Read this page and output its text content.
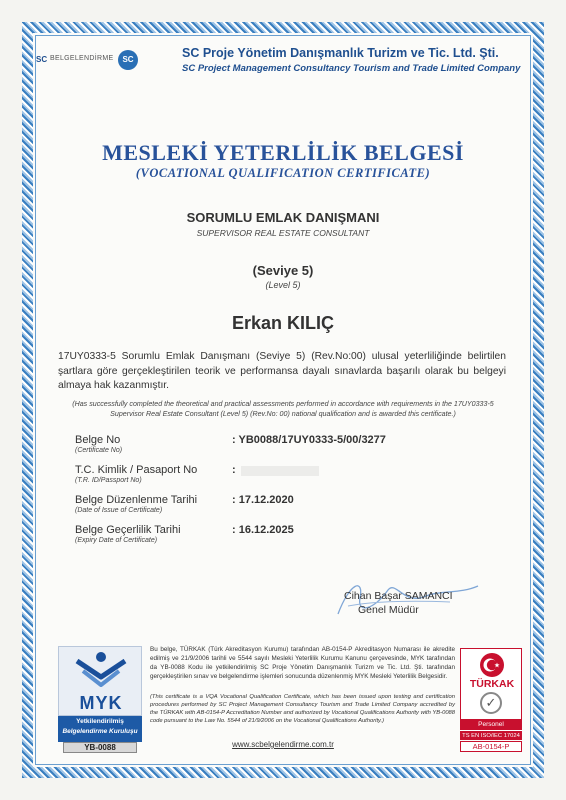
SC BELGELENDİRME	SC	SC Proje Yönetim Danışmanlık Turizm ve Tic. Ltd. Şti.
SC Project Management Consultancy Tourism and Trade Limited Company
MESLEKİ YETERLİLİK BELGESİ
(VOCATIONAL QUALIFICATION CERTIFICATE)
SORUMLU EMLAK DANIŞMANI
SUPERVISOR REAL ESTATE CONSULTANT
(Seviye 5)
(Level 5)
Erkan KILIÇ
17UY0333-5 Sorumlu Emlak Danışmanı (Seviye 5) (Rev.No:00) ulusal yeterliliğinde belirtilen şartlara göre gerçekleştirilen teorik ve performansa dayalı sınavlarda başarılı olarak bu belgeyi almaya hak kazanmıştır.
(Has successfully completed the theoretical and practical assessments performed in accordance with requirements in the 17UY0333-5 Supervisor Real Estate Consultant (Level 5) (Rev.No: 00) national qualification and is awarded this certificate.)
Belge No
(Certificate No)
: YB0088/17UY0333-5/00/3277
T.C. Kimlik / Pasaport No
(T.R. ID/Passport No)
:
Belge Düzenlenme Tarihi
(Date of Issue of Certificate)
: 17.12.2020
Belge Geçerlilik Tarihi
(Expiry Date of Certificate)
: 16.12.2025
Cihan Başar SAMANCI
Genel Müdür
MYK
Yetkilendirilmiş
Belgelendirme Kuruluşu
YB-0088
Bu belge, TÜRKAK (Türk Akreditasyon Kurumu) tarafından AB-0154-P Akreditasyon Numarası ile akredite edilmiş ve 21/9/2006 tarihli ve 5544 sayılı Mesleki Yeterlilik Kurumu Kanunu çerçevesinde, MYK tarafından da YB-0088 Kodu ile yetkilendirilmiş SC Proje Yönetim Danışmanlık Turizm ve Tic. Ltd. Şti. tarafından gerçekleştirilen sınav ve belgelendirme işlemleri sonucunda düzenlenmiş MYK Mesleki Yeterlilik Belgesidir.
(This certificate is a VQA Vocational Qualification Certificate, which has been issued upon testing and certification procedures performed by SC Project Management Consultancy Tourism and Trade Limited Company accredited by the TÜRKAK with AB-0154-P Accreditation Number and authorized by Vocational Qualifications Authority with YB-0088 code pursuant to the Law No. 5544 of 21/9/2006 on the Vocational Qualifications Authority.)
www.scbelgelendirme.com.tr
TÜRKAK
✓
Personel
TS EN ISO/IEC 17024
AB-0154-P
